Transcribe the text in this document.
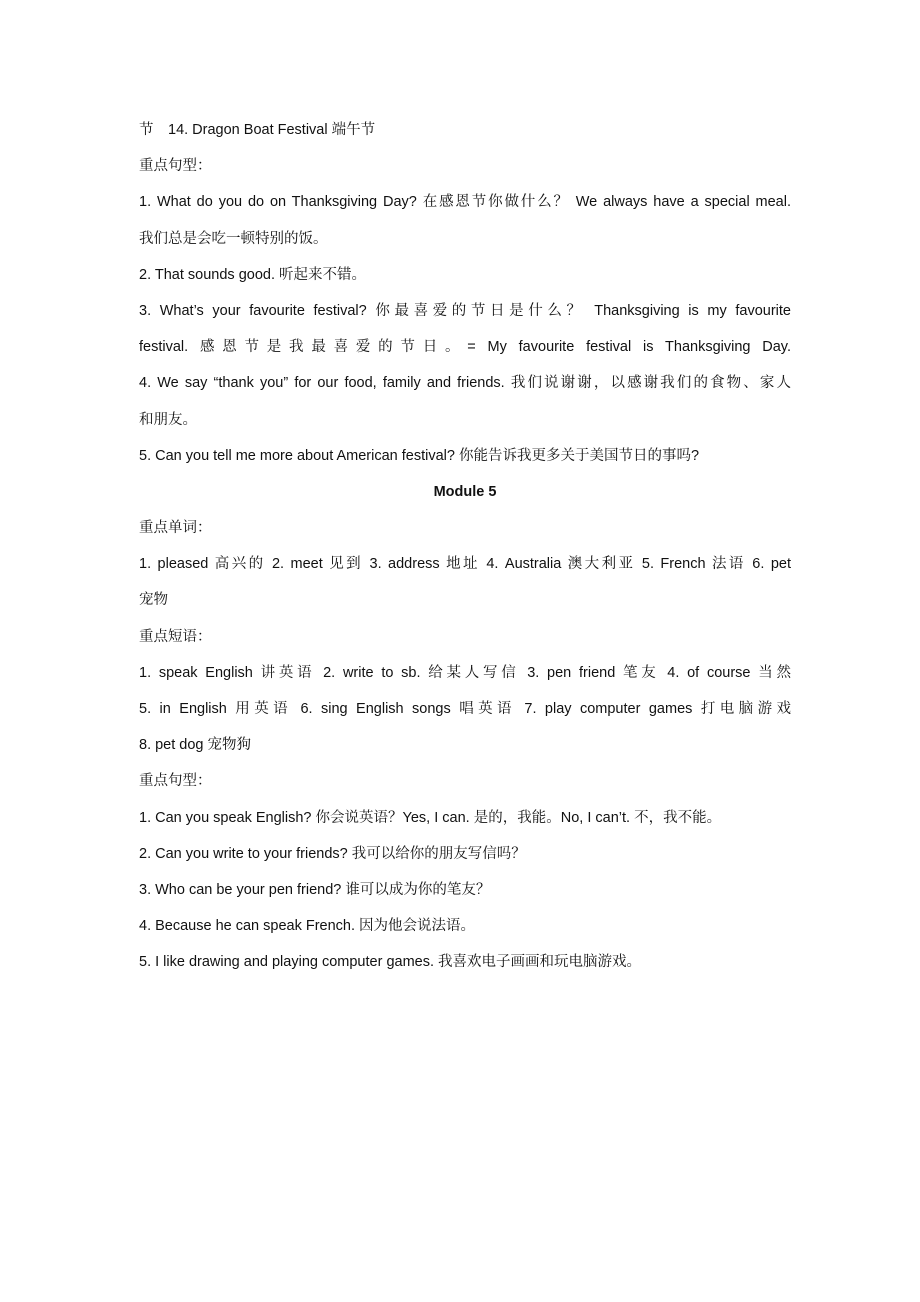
节　14. Dragon Boat Festival 端午节
重点句型：
1. What do you do on Thanksgiving Day? 在感恩节你做什么？ We always have a special meal.
我们总是会吃一顿特别的饭。
2. That sounds good. 听起来不错。
3. What’s your favourite festival? 你最喜爱的节日是什么？ Thanksgiving is my favourite
festival. 感恩节是我最喜爱的节日。= My favourite festival is Thanksgiving Day.
4. We say “thank you” for our food, family and friends. 我们说谢谢，以感谢我们的食物、家人
和朋友。
5. Can you tell me more about American festival? 你能告诉我更多关于美国节日的事吗?
Module 5
重点单词：
1. pleased 高兴的 2. meet 见到 3. address 地址 4. Australia 澳大利亚 5. French 法语 6. pet
宠物
重点短语：
1. speak English 讲英语 2. write to sb. 给某人写信 3. pen friend 笔友 4. of course 当然
5. in English 用英语 6. sing English songs 唱英语 7. play computer games 打电脑游戏
8. pet dog 宠物狗
重点句型：
1. Can you speak English? 你会说英语？Yes, I can. 是的，我能。No, I can’t. 不，我不能。
2. Can you write to your friends? 我可以给你的朋友写信吗？
3. Who can be your pen friend? 谁可以成为你的笔友？
4. Because he can speak French. 因为他会说法语。
5. I like drawing and playing computer games. 我喜欢电子画画和玩电脑游戏。
